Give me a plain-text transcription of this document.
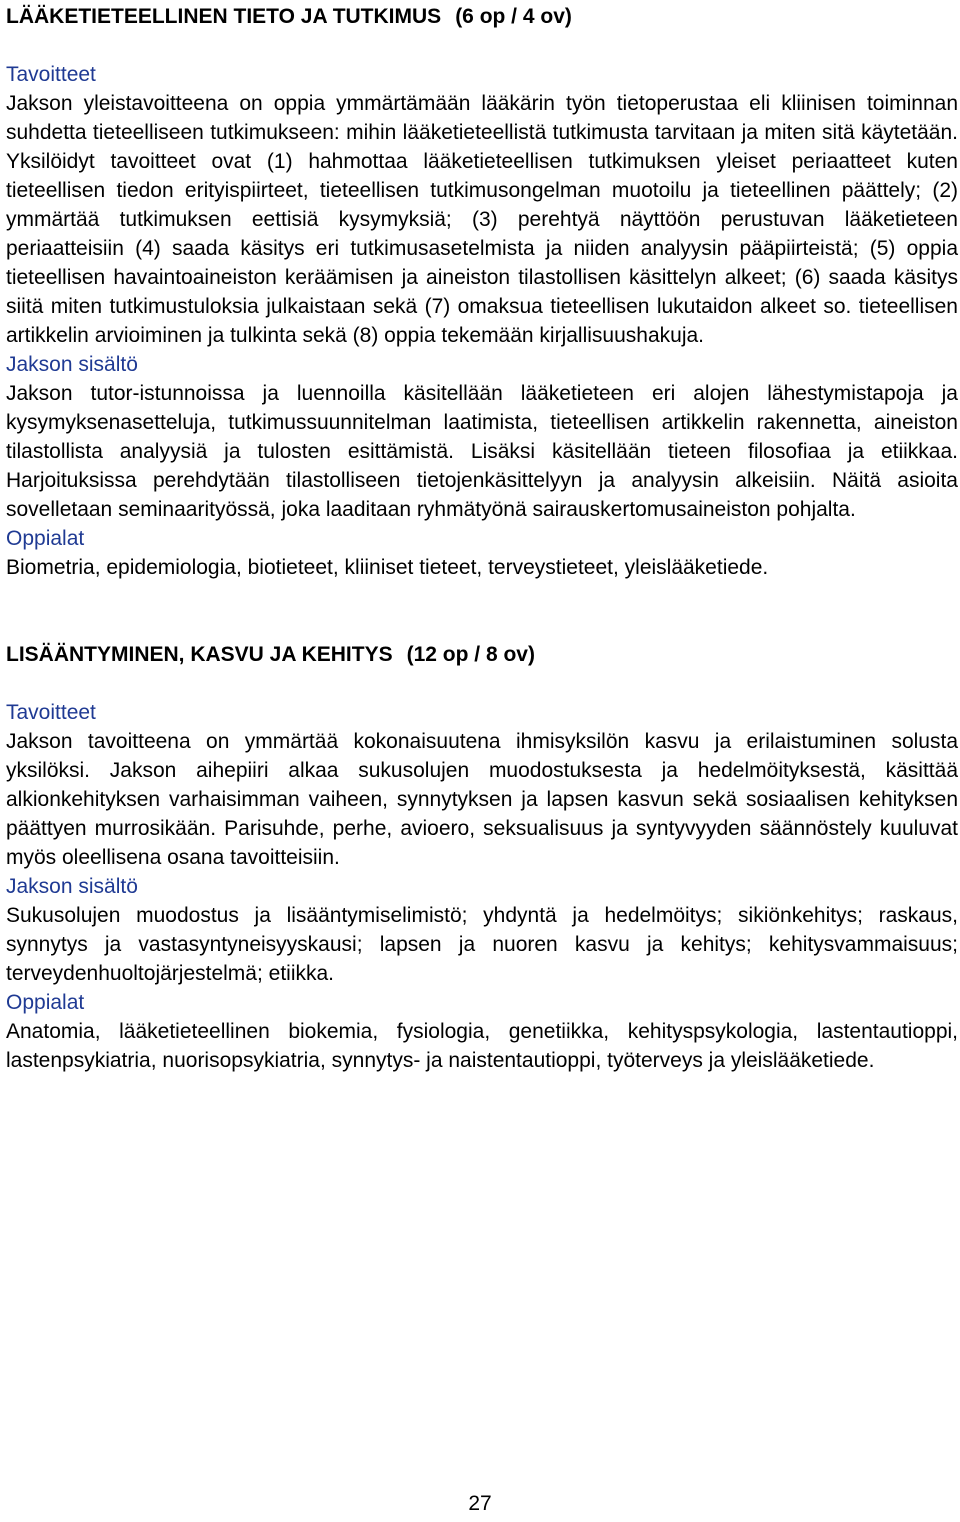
LÄÄKETIETEELLINEN TIETO JA TUTKIMUS (6 op / 4 ov)

Tavoitteet

Jakson yleistavoitteena on oppia ymmärtämään lääkärin työn tietoperustaa eli kliinisen toiminnan suhdetta tieteelliseen tutkimukseen: mihin lääketieteellistä tutkimusta tarvitaan ja miten sitä käytetään. Yksilöidyt tavoitteet ovat (1) hahmottaa lääketieteellisen tutkimuksen yleiset periaatteet kuten tieteellisen tiedon erityispiirteet, tieteellisen tutkimusongelman muotoilu ja tieteellinen päättely; (2) ymmärtää tutkimuksen eettisiä kysymyksiä; (3) perehtyä näyttöön perustuvan lääketieteen periaatteisiin (4) saada käsitys eri tutkimusasetelmista ja niiden analyysin pääpiirteistä; (5) oppia tieteellisen havaintoaineiston keräämisen ja aineiston tilastollisen käsittelyn alkeet; (6) saada käsitys siitä miten tutkimustuloksia julkaistaan sekä (7) omaksua tieteellisen lukutaidon alkeet so. tieteellisen artikkelin arvioiminen ja tulkinta sekä (8) oppia tekemään kirjallisuushakuja.

Jakson sisältö

Jakson tutor-istunnoissa ja luennoilla käsitellään lääketieteen eri alojen lähestymistapoja ja kysymyksenasetteluja, tutkimussuunnitelman laatimista, tieteellisen artikkelin rakennetta, aineiston tilastollista analyysiä ja tulosten esittämistä. Lisäksi käsitellään tieteen filosofiaa ja etiikkaa. Harjoituksissa perehdytään tilastolliseen tietojenkäsittelyyn ja analyysin alkeisiin. Näitä asioita sovelletaan seminaarityössä, joka laaditaan ryhmätyönä sairauskertomusaineiston pohjalta.

Oppialat

Biometria, epidemiologia, biotieteet, kliiniset tieteet, terveystieteet, yleislääketiede.

LISÄÄNTYMINEN, KASVU JA KEHITYS (12 op / 8 ov)

Tavoitteet

Jakson tavoitteena on ymmärtää kokonaisuutena ihmisyksilön kasvu ja erilaistuminen solusta yksilöksi. Jakson aihepiiri alkaa sukusolujen muodostuksesta ja hedelmöityksestä, käsittää alkionkehityksen varhaisimman vaiheen, synnytyksen ja lapsen kasvun sekä sosiaalisen kehityksen päättyen murrosikään. Parisuhde, perhe, avioero, seksualisuus ja syntyvyyden säännöstely kuuluvat myös oleellisena osana tavoitteisiin.

Jakson sisältö

Sukusolujen muodostus ja lisääntymiselimistö; yhdyntä ja hedelmöitys; sikiönkehitys; raskaus, synnytys ja vastasyntyneisyyskausi; lapsen ja nuoren kasvu ja kehitys; kehitysvammaisuus; terveydenhuoltojärjestelmä; etiikka.

Oppialat

Anatomia, lääketieteellinen biokemia, fysiologia, genetiikka, kehityspsykologia, lastentautioppi, lastenpsykiatria, nuorisopsykiatria, synnytys- ja naistentautioppi, työterveys ja yleislääketiede.

27
